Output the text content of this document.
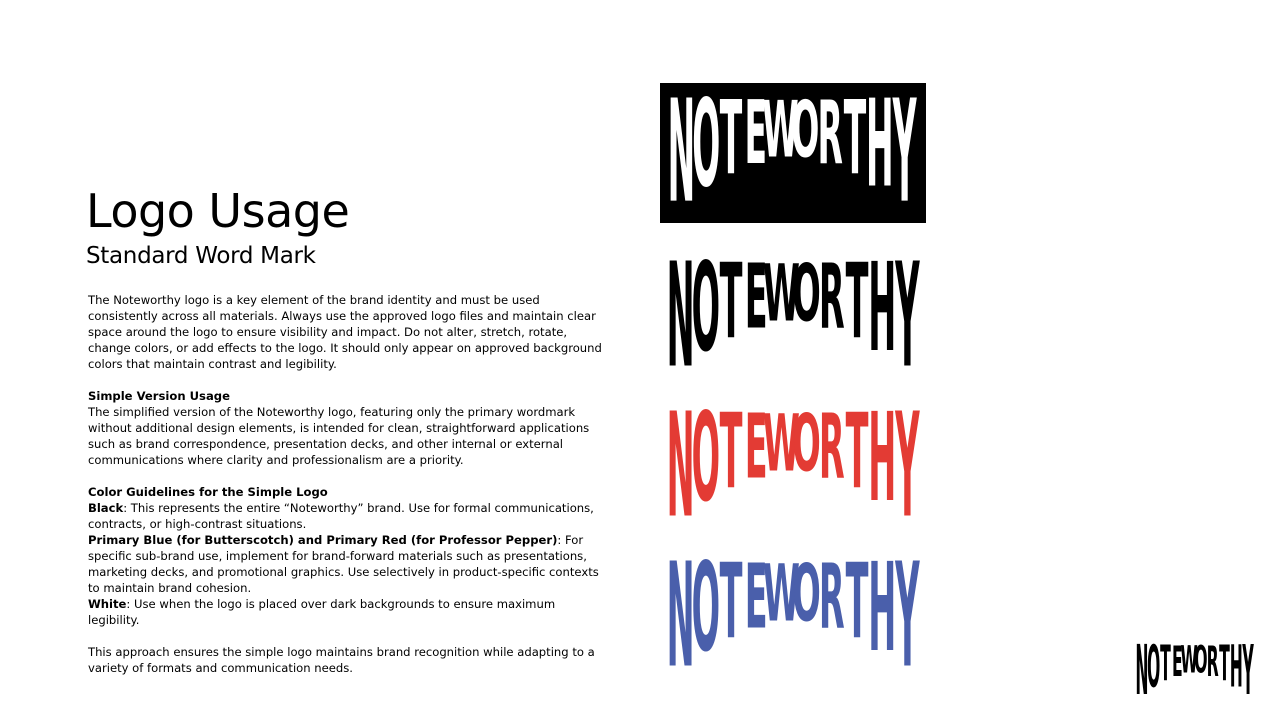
Logo Usage
Standard Word Mark

The Noteworthy logo is a key element of the brand identity and must be used consistently across all materials. Always use the approved logo files and maintain clear space around the logo to ensure visibility and impact. Do not alter, stretch, rotate, change colors, or add effects to the logo. It should only appear on approved background colors that maintain contrast and legibility.

Simple Version Usage

The simplified version of the Noteworthy logo, featuring only the primary wordmark without additional design elements, is intended for clean, straightforward applications such as brand correspondence, presentation decks, and other internal or external communications where clarity and professionalism are a priority.

Color Guidelines for the Simple Logo

Black: This represents the entire “Noteworthy” brand. Use for formal communications, contracts, or high-contrast situations.

Primary Blue (for Butterscotch) and Primary Red (for Professor Pepper): For specific sub-brand use, implement for brand-forward materials such as presentations, marketing decks, and promotional graphics. Use selectively in product-specific contexts to maintain brand cohesion.

White: Use when the logo is placed over dark backgrounds to ensure maximum legibility.

This approach ensures the simple logo maintains brand recognition while adapting to a variety of formats and communication needs.

N
O T E
W
O
R T H Y
N
O T E
W
O
R T H Y
N
O T E
W
O
R T H Y
N
O T E
W
O
R T H Y N
O T E
W
O R T H Y
